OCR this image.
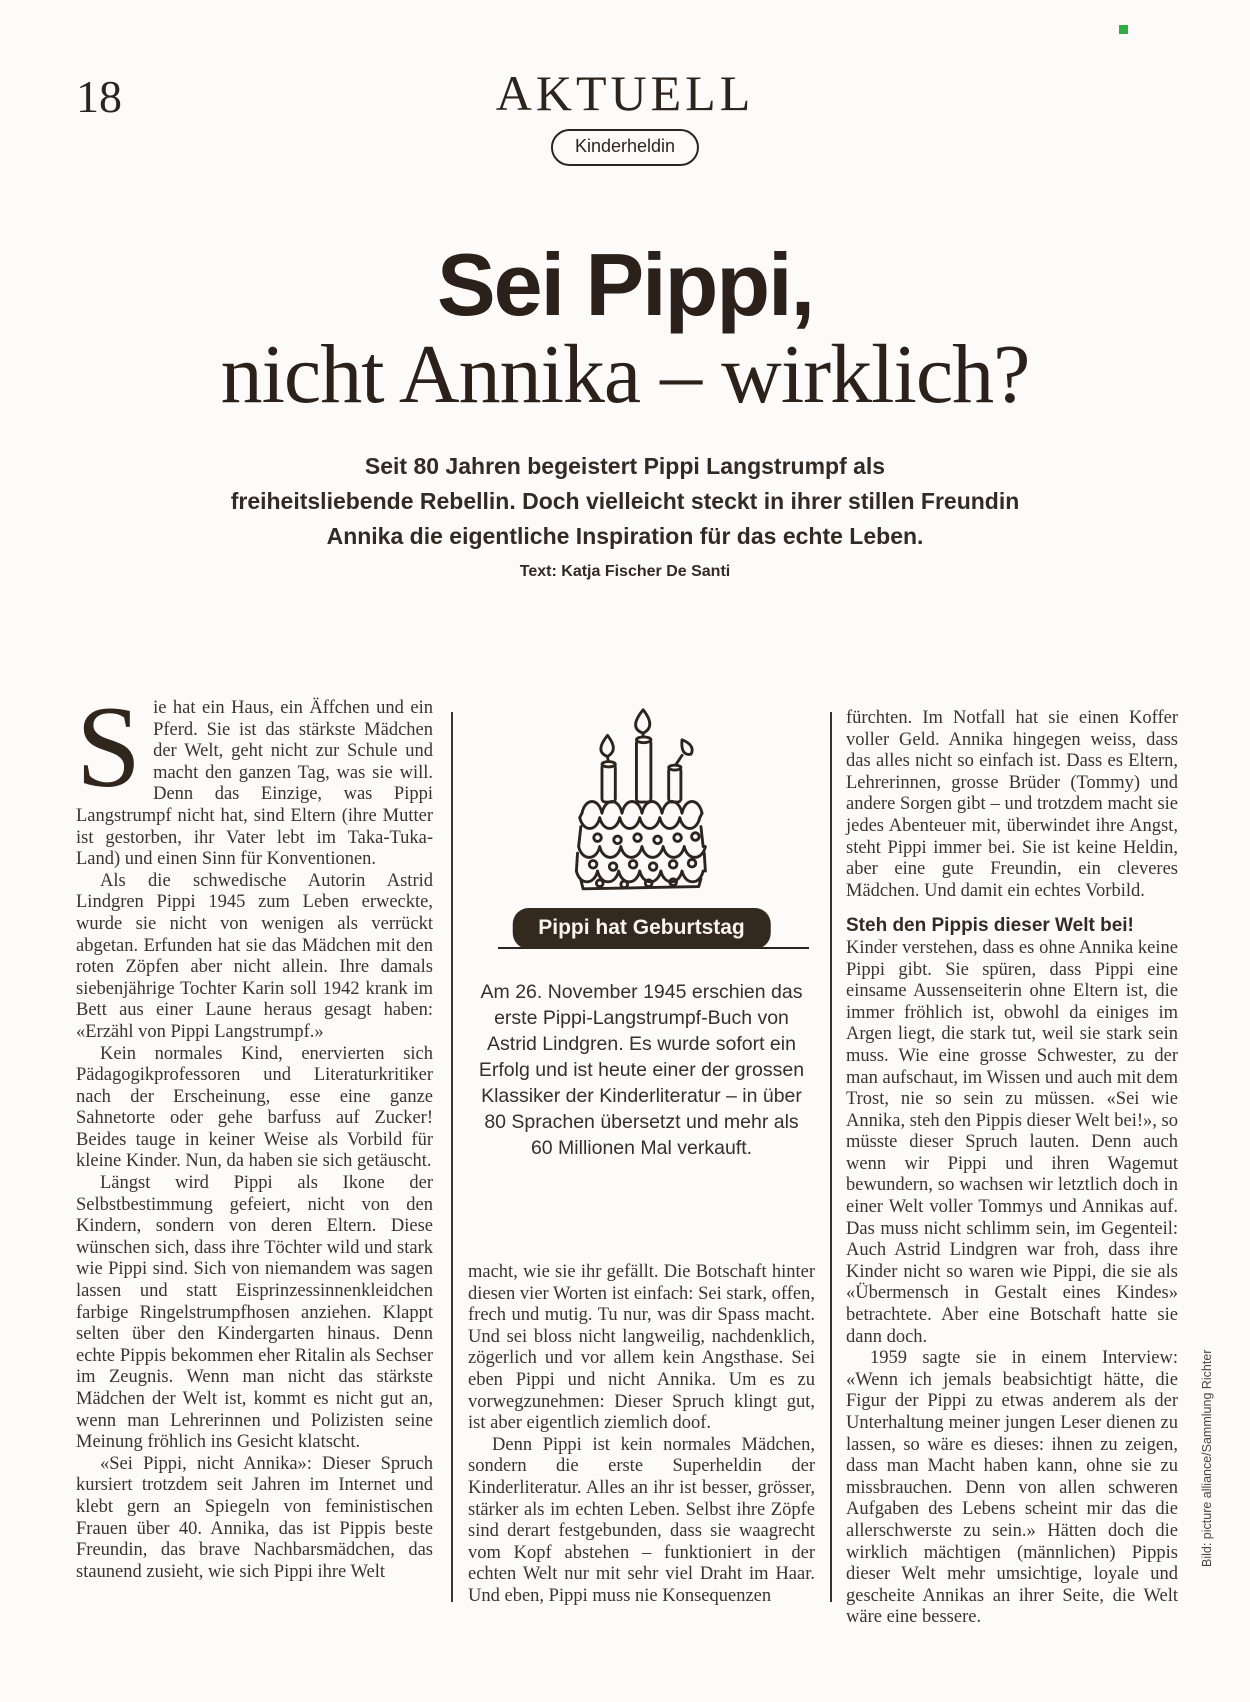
18	AKTUELL
Kinderheldin
Sei Pippi,
nicht Annika – wirklich?
Seit 80 Jahren begeistert Pippi Langstrumpf als
freiheitsliebende Rebellin. Doch vielleicht steckt in ihrer stillen Freundin
Annika die eigentliche Inspiration für das echte Leben.
Text: Katja Fischer De Santi

Sie hat ein Haus, ein Äffchen und ein Pferd. Sie ist das stärkste Mädchen der Welt, geht nicht zur Schule und macht den ganzen Tag, was sie will. Denn das Einzige, was Pippi Langstrumpf nicht hat, sind Eltern (ihre Mutter ist gestorben, ihr Vater lebt im Taka-Tuka-Land) und einen Sinn für Konventionen.

Als die schwedische Autorin Astrid Lindgren Pippi 1945 zum Leben erweckte, wurde sie nicht von wenigen als verrückt abgetan. Erfunden hat sie das Mädchen mit den roten Zöpfen aber nicht allein. Ihre damals siebenjährige Tochter Karin soll 1942 krank im Bett aus einer Laune heraus gesagt haben: «Erzähl von Pippi Langstrumpf.»

Kein normales Kind, enervierten sich Pädagogikprofessoren und Literaturkritiker nach der Erscheinung, esse eine ganze Sahnetorte oder gehe barfuss auf Zucker! Beides tauge in keiner Weise als Vorbild für kleine Kinder. Nun, da haben sie sich getäuscht.

Längst wird Pippi als Ikone der Selbstbestimmung gefeiert, nicht von den Kindern, sondern von deren Eltern. Diese wünschen sich, dass ihre Töchter wild und stark wie Pippi sind. Sich von niemandem was sagen lassen und statt Eisprinzessinnenkleidchen farbige Ringelstrumpfhosen anziehen. Klappt selten über den Kindergarten hinaus. Denn echte Pippis bekommen eher Ritalin als Sechser im Zeugnis. Wenn man nicht das stärkste Mädchen der Welt ist, kommt es nicht gut an, wenn man Lehrerinnen und Polizisten seine Meinung fröhlich ins Gesicht klatscht.

«Sei Pippi, nicht Annika»: Dieser Spruch kursiert trotzdem seit Jahren im Internet und klebt gern an Spiegeln von feministischen Frauen über 40. Annika, das ist Pippis beste Freundin, das brave Nachbarsmädchen, das staunend zusieht, wie sich Pippi ihre Welt

Pippi hat Geburtstag
Am 26. November 1945 erschien das erste Pippi-Langstrumpf-Buch von Astrid Lindgren. Es wurde sofort ein Erfolg und ist heute einer der grossen Klassiker der Kinderliteratur – in über 80 Sprachen übersetzt und mehr als 60 Millionen Mal verkauft.

macht, wie sie ihr gefällt. Die Botschaft hinter diesen vier Worten ist einfach: Sei stark, offen, frech und mutig. Tu nur, was dir Spass macht. Und sei bloss nicht langweilig, nachdenklich, zögerlich und vor allem kein Angsthase. Sei eben Pippi und nicht Annika. Um es zu vorwegzunehmen: Dieser Spruch klingt gut, ist aber eigentlich ziemlich doof.

Denn Pippi ist kein normales Mädchen, sondern die erste Superheldin der Kinderliteratur. Alles an ihr ist besser, grösser, stärker als im echten Leben. Selbst ihre Zöpfe sind derart festgebunden, dass sie waagrecht vom Kopf abstehen – funktioniert in der echten Welt nur mit sehr viel Draht im Haar. Und eben, Pippi muss nie Konsequenzen

fürchten. Im Notfall hat sie einen Koffer voller Geld. Annika hingegen weiss, dass das alles nicht so einfach ist. Dass es Eltern, Lehrerinnen, grosse Brüder (Tommy) und andere Sorgen gibt – und trotzdem macht sie jedes Abenteuer mit, überwindet ihre Angst, steht Pippi immer bei. Sie ist keine Heldin, aber eine gute Freundin, ein cleveres Mädchen. Und damit ein echtes Vorbild.

Steh den Pippis dieser Welt bei!

Kinder verstehen, dass es ohne Annika keine Pippi gibt. Sie spüren, dass Pippi eine einsame Aussenseiterin ohne Eltern ist, die immer fröhlich ist, obwohl da einiges im Argen liegt, die stark tut, weil sie stark sein muss. Wie eine grosse Schwester, zu der man aufschaut, im Wissen und auch mit dem Trost, nie so sein zu müssen. «Sei wie Annika, steh den Pippis dieser Welt bei!», so müsste dieser Spruch lauten. Denn auch wenn wir Pippi und ihren Wagemut bewundern, so wachsen wir letztlich doch in einer Welt voller Tommys und Annikas auf. Das muss nicht schlimm sein, im Gegenteil: Auch Astrid Lindgren war froh, dass ihre Kinder nicht so waren wie Pippi, die sie als «Übermensch in Gestalt eines Kindes» betrachtete. Aber eine Botschaft hatte sie dann doch.

1959 sagte sie in einem Interview: «Wenn ich jemals beabsichtigt hätte, die Figur der Pippi zu etwas anderem als der Unterhaltung meiner jungen Leser dienen zu lassen, so wäre es dieses: ihnen zu zeigen, dass man Macht haben kann, ohne sie zu missbrauchen. Denn von allen schweren Aufgaben des Lebens scheint mir das die allerschwerste zu sein.» Hätten doch die wirklich mächtigen (männlichen) Pippis dieser Welt mehr umsichtige, loyale und gescheite Annikas an ihrer Seite, die Welt wäre eine bessere.

Bild: picture alliance/Sammlung Richter
